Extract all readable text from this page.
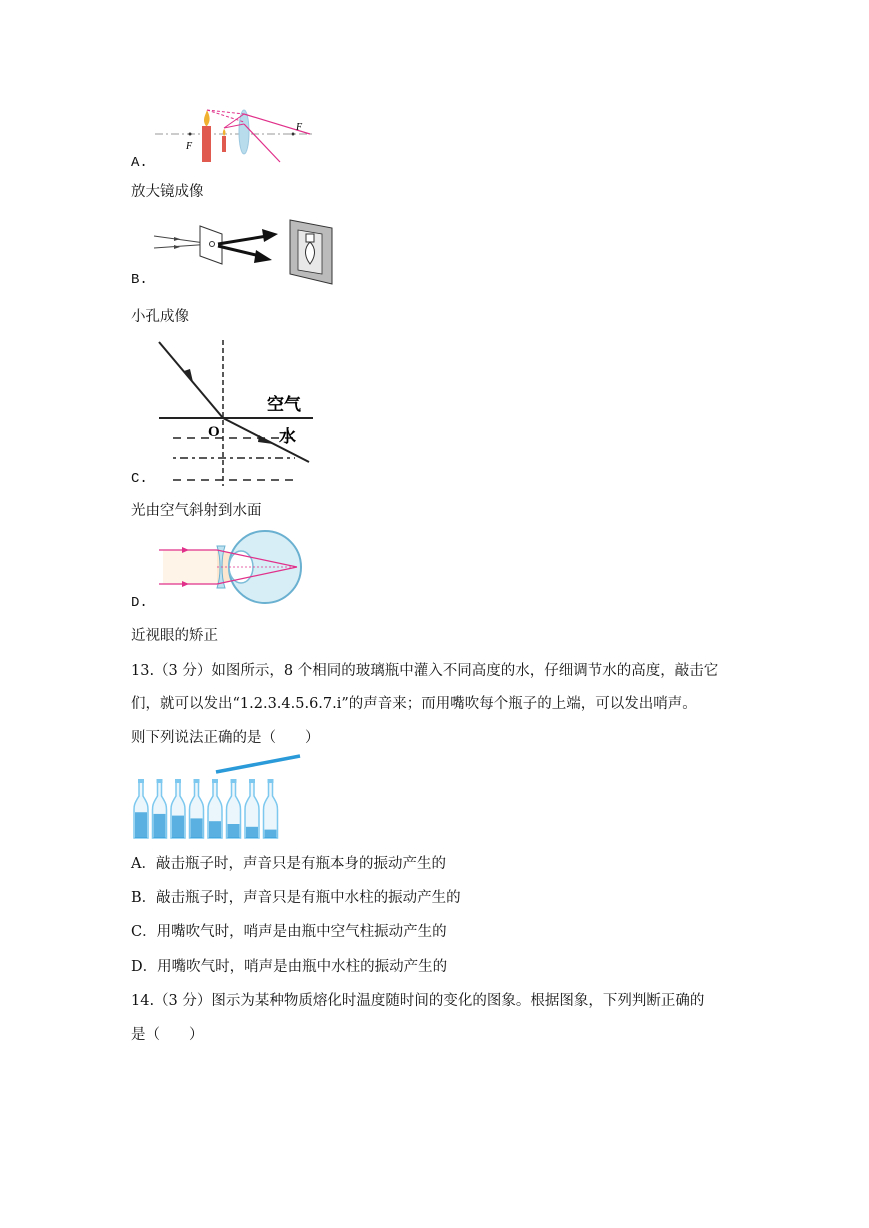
F
F
A.
放大镜成像
B.
小孔成像
空气
水
O
C.
光由空气斜射到水面
D.
近视眼的矫正
13.（3 分）如图所示，8 个相同的玻璃瓶中灌入不同高度的水，仔细调节水的高度，敲击它
们，就可以发出“1.2.3.4.5.6.7.i”的声音来；而用嘴吹每个瓶子的上端，可以发出哨声。
则下列说法正确的是（　　）
A．敲击瓶子时，声音只是有瓶本身的振动产生的
B．敲击瓶子时，声音只是有瓶中水柱的振动产生的
C．用嘴吹气时，哨声是由瓶中空气柱振动产生的
D．用嘴吹气时，哨声是由瓶中水柱的振动产生的
14.（3 分）图示为某种物质熔化时温度随时间的变化的图象。根据图象，下列判断正确的
是（　　）
